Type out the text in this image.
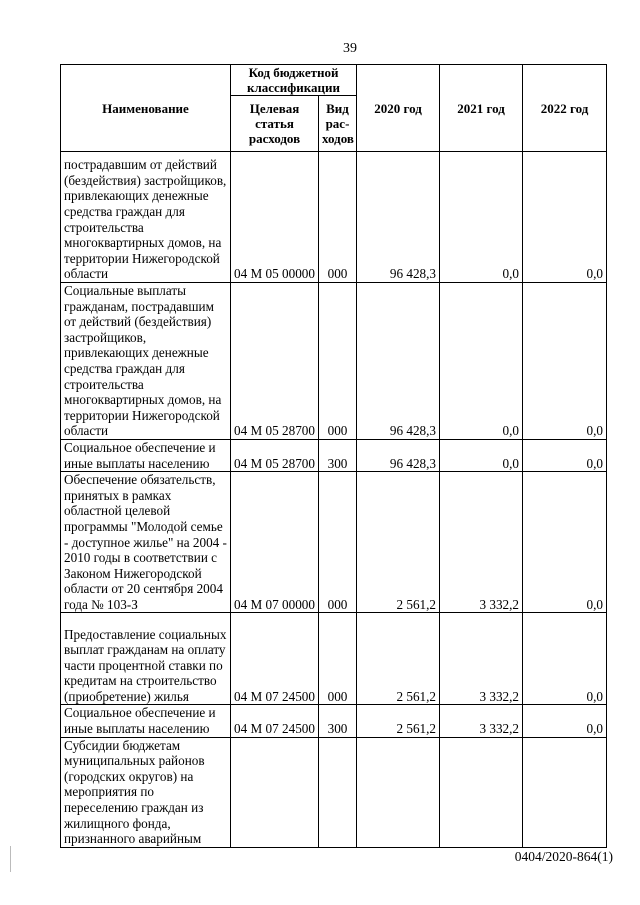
39
Наименование	Код бюджетной классификации		2020 год	2021 год	2022 год
	Целевая статья расходов	Вид рас- ходов			
пострадавшим от действий (бездействия) застройщиков, привлекающих денежные средства граждан для строительства многоквартирных домов, на территории Нижегородской области	04 М 05 00000	000	96 428,3	0,0	0,0
Социальные выплаты гражданам, пострадавшим от действий (бездействия) застройщиков, привлекающих денежные средства граждан для строительства многоквартирных домов, на территории Нижегородской области	04 М 05 28700	000	96 428,3	0,0	0,0
Социальное обеспечение и иные выплаты населению	04 М 05 28700	300	96 428,3	0,0	0,0
Обеспечение обязательств, принятых в рамках областной целевой программы "Молодой семье - доступное жилье" на 2004 - 2010 годы в соответствии с Законом Нижегородской области от 20 сентября 2004 года № 103-З	04 М 07 00000	000	2 561,2	3 332,2	0,0
Предоставление социальных выплат гражданам на оплату части процентной ставки по кредитам на строительство (приобретение) жилья	04 М 07 24500	000	2 561,2	3 332,2	0,0
Социальное обеспечение и иные выплаты населению	04 М 07 24500	300	2 561,2	3 332,2	0,0
Субсидии бюджетам муниципальных районов (городских округов) на мероприятия по переселению граждан из жилищного фонда, признанного аварийным					
0404/2020-864(1)
